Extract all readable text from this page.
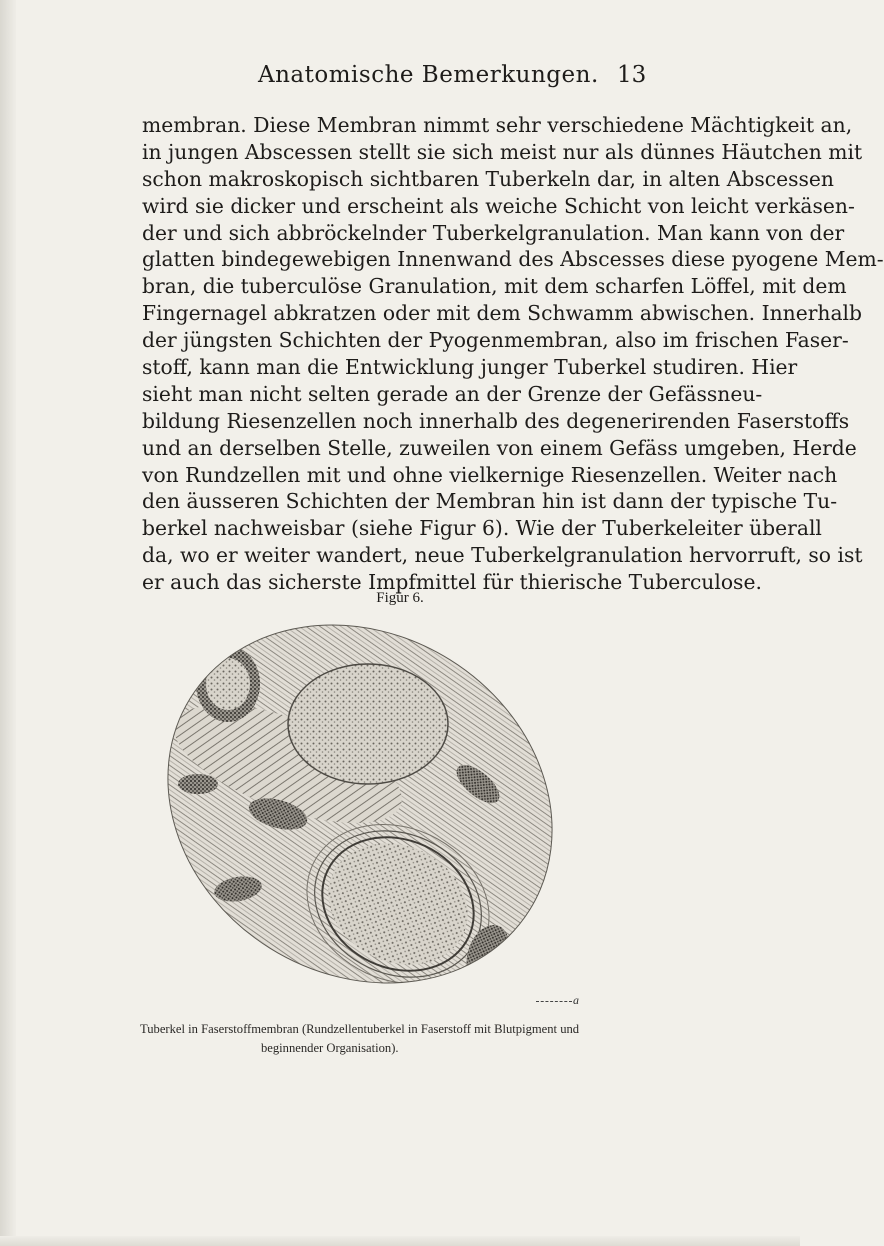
Anatomische Bemerkungen. 13
membran. Diese Membran nimmt sehr verschiedene Mächtigkeit an,
in jungen Abscessen stellt sie sich meist nur als dünnes Häutchen mit
schon makroskopisch sichtbaren Tuberkeln dar, in alten Abscessen
wird sie dicker und erscheint als weiche Schicht von leicht verkäsen-
der und sich abbröckelnder Tuberkelgranulation. Man kann von der
glatten bindegewebigen Innenwand des Abscesses diese pyogene Mem-
bran, die tuberculöse Granulation, mit dem scharfen Löffel, mit dem
Fingernagel abkratzen oder mit dem Schwamm abwischen. Innerhalb
der jüngsten Schichten der Pyogenmembran, also im frischen Faser-
stoff, kann man die Entwicklung junger Tuberkel studiren. Hier
sieht man nicht selten gerade an der Grenze der Gefässneu-
bildung Riesenzellen noch innerhalb des degenerirenden Faserstoffs
und an derselben Stelle, zuweilen von einem Gefäss umgeben, Herde
von Rundzellen mit und ohne vielkernige Riesenzellen. Weiter nach
den äusseren Schichten der Membran hin ist dann der typische Tu-
berkel nachweisbar (siehe Figur 6). Wie der Tuberkeleiter überall
da, wo er weiter wandert, neue Tuberkelgranulation hervorruft, so ist
er auch das sicherste Impfmittel für thierische Tuberculose.
Figur 6.
a
Tuberkel in Faserstoffmembran (Rundzellentuberkel in Faserstoff mit Blutpigment und
beginnender Organisation).
